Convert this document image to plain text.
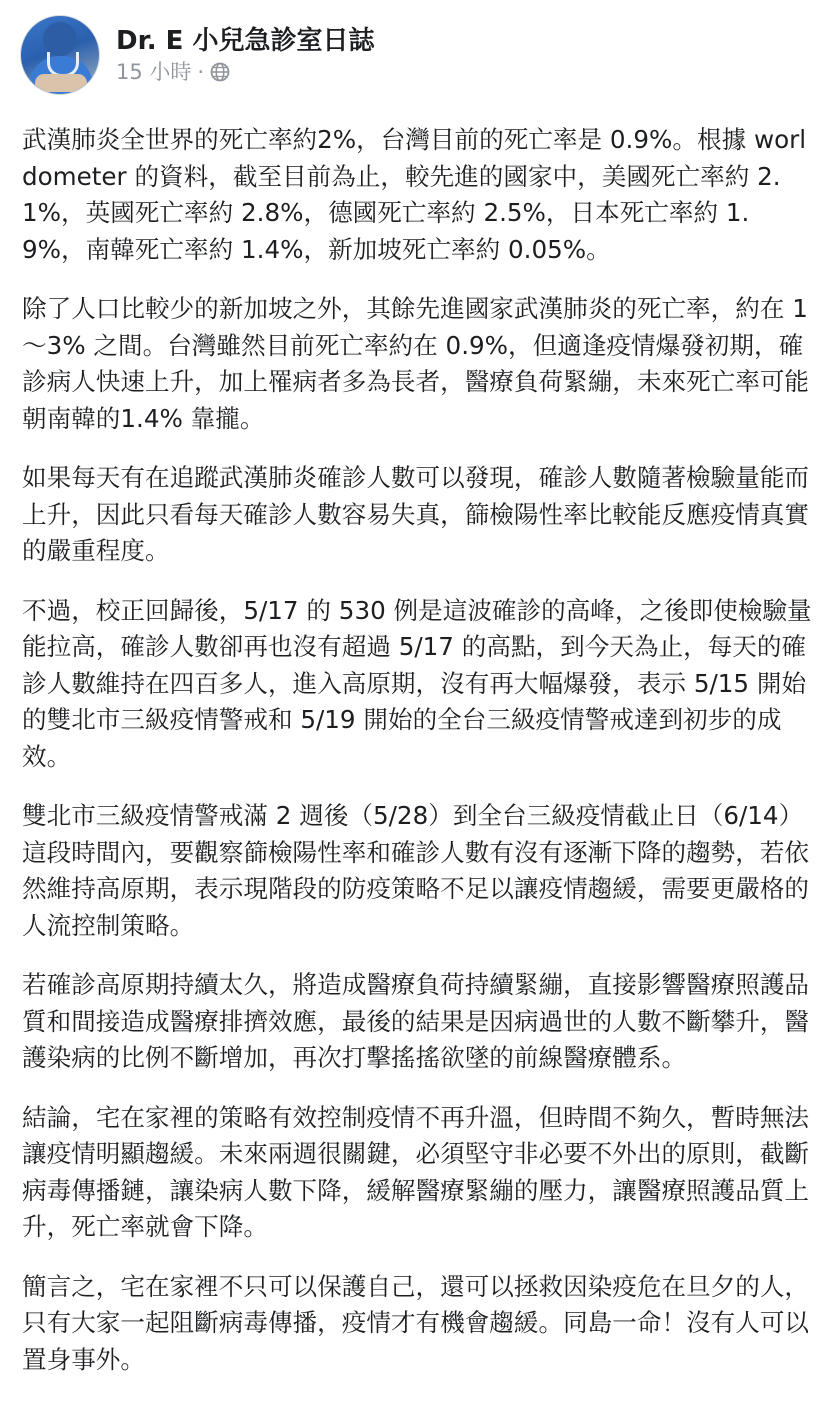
Dr. E 小兒急診室日誌
15 小時 ·

武漢肺炎全世界的死亡率約2%，台灣目前的死亡率是 0.9%。根據 worldometer 的資料，截至目前為止，較先進的國家中，美國死亡率約 2.1%，英國死亡率約 2.8%，德國死亡率約 2.5%，日本死亡率約 1.9%，南韓死亡率約 1.4%，新加坡死亡率約 0.05%。

除了人口比較少的新加坡之外，其餘先進國家武漢肺炎的死亡率，約在 1～3% 之間。台灣雖然目前死亡率約在 0.9%，但適逢疫情爆發初期，確診病人快速上升，加上罹病者多為長者，醫療負荷緊繃，未來死亡率可能朝南韓的1.4% 靠攏。

如果每天有在追蹤武漢肺炎確診人數可以發現，確診人數隨著檢驗量能而上升，因此只看每天確診人數容易失真，篩檢陽性率比較能反應疫情真實的嚴重程度。

不過，校正回歸後，5/17 的 530 例是這波確診的高峰，之後即使檢驗量能拉高，確診人數卻再也沒有超過 5/17 的高點，到今天為止，每天的確診人數維持在四百多人，進入高原期，沒有再大幅爆發，表示 5/15 開始的雙北市三級疫情警戒和 5/19 開始的全台三級疫情警戒達到初步的成效。

雙北市三級疫情警戒滿 2 週後（5/28）到全台三級疫情截止日（6/14）這段時間內，要觀察篩檢陽性率和確診人數有沒有逐漸下降的趨勢，若依然維持高原期，表示現階段的防疫策略不足以讓疫情趨緩，需要更嚴格的人流控制策略。

若確診高原期持續太久，將造成醫療負荷持續緊繃，直接影響醫療照護品質和間接造成醫療排擠效應，最後的結果是因病過世的人數不斷攀升，醫護染病的比例不斷增加，再次打擊搖搖欲墜的前線醫療體系。

結論，宅在家裡的策略有效控制疫情不再升溫，但時間不夠久，暫時無法讓疫情明顯趨緩。未來兩週很關鍵，必須堅守非必要不外出的原則，截斷病毒傳播鏈，讓染病人數下降，緩解醫療緊繃的壓力，讓醫療照護品質上升，死亡率就會下降。

簡言之，宅在家裡不只可以保護自己，還可以拯救因染疫危在旦夕的人，只有大家一起阻斷病毒傳播，疫情才有機會趨緩。同島一命！沒有人可以置身事外。
